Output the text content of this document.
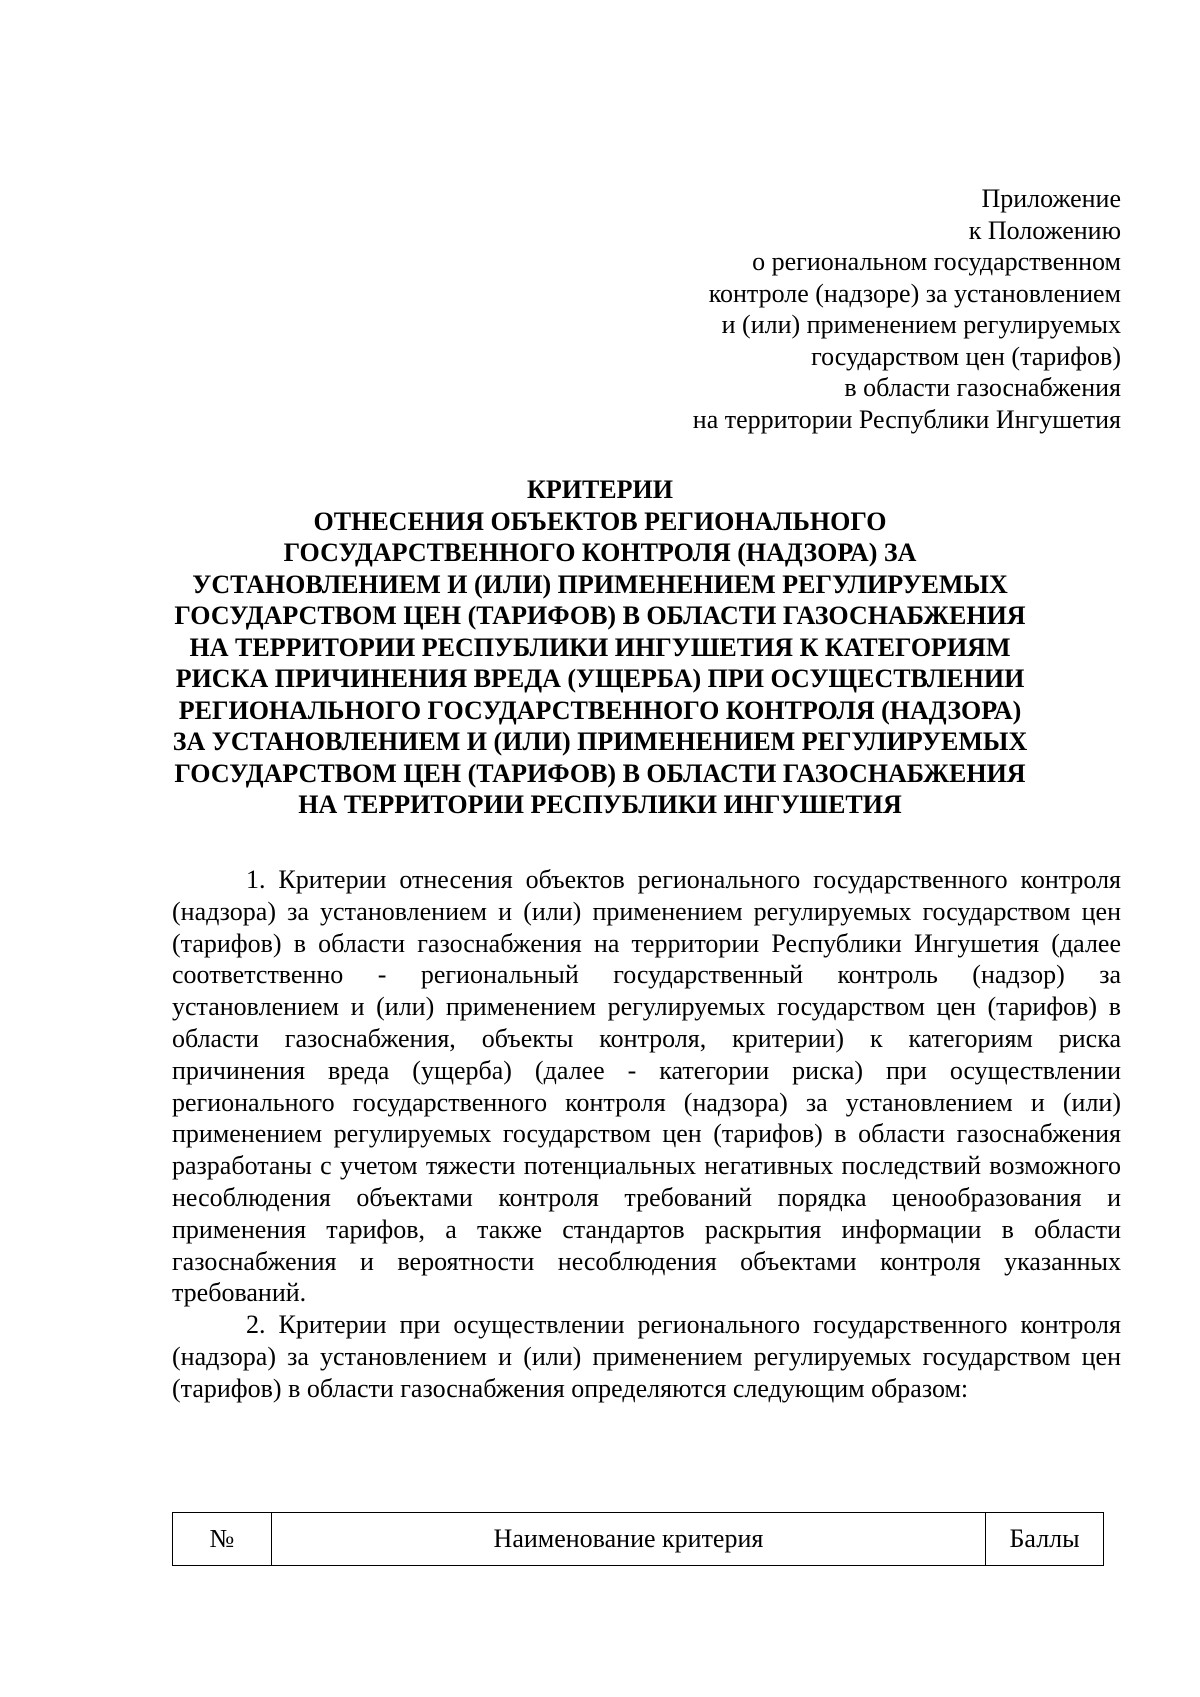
Приложение
к Положению
о региональном государственном
контроле (надзоре) за установлением
и (или) применением регулируемых
государством цен (тарифов)
в области газоснабжения
на территории Республики Ингушетия
КРИТЕРИИ
ОТНЕСЕНИЯ ОБЪЕКТОВ РЕГИОНАЛЬНОГО
ГОСУДАРСТВЕННОГО КОНТРОЛЯ (НАДЗОРА) ЗА
УСТАНОВЛЕНИЕМ И (ИЛИ) ПРИМЕНЕНИЕМ РЕГУЛИРУЕМЫХ
ГОСУДАРСТВОМ ЦЕН (ТАРИФОВ) В ОБЛАСТИ ГАЗОСНАБЖЕНИЯ
НА ТЕРРИТОРИИ РЕСПУБЛИКИ ИНГУШЕТИЯ К КАТЕГОРИЯМ
РИСКА ПРИЧИНЕНИЯ ВРЕДА (УЩЕРБА) ПРИ ОСУЩЕСТВЛЕНИИ
РЕГИОНАЛЬНОГО ГОСУДАРСТВЕННОГО КОНТРОЛЯ (НАДЗОРА)
ЗА УСТАНОВЛЕНИЕМ И (ИЛИ) ПРИМЕНЕНИЕМ РЕГУЛИРУЕМЫХ
ГОСУДАРСТВОМ ЦЕН (ТАРИФОВ) В ОБЛАСТИ ГАЗОСНАБЖЕНИЯ
НА ТЕРРИТОРИИ РЕСПУБЛИКИ ИНГУШЕТИЯ

1. Критерии отнесения объектов регионального государственного контроля (надзора) за установлением и (или) применением регулируемых государством цен (тарифов) в области газоснабжения на территории Республики Ингушетия (далее соответственно - региональный государственный контроль (надзор) за установлением и (или) применением регулируемых государством цен (тарифов) в области газоснабжения, объекты контроля, критерии) к категориям риска причинения вреда (ущерба) (далее - категории риска) при осуществлении регионального государственного контроля (надзора) за установлением и (или) применением регулируемых государством цен (тарифов) в области газоснабжения разработаны с учетом тяжести потенциальных негативных последствий возможного несоблюдения объектами контроля требований порядка ценообразования и применения тарифов, а также стандартов раскрытия информации в области газоснабжения и вероятности несоблюдения объектами контроля указанных требований.

2. Критерии при осуществлении регионального государственного контроля (надзора) за установлением и (или) применением регулируемых государством цен (тарифов) в области газоснабжения определяются следующим образом:

№	Наименование критерия	Баллы
